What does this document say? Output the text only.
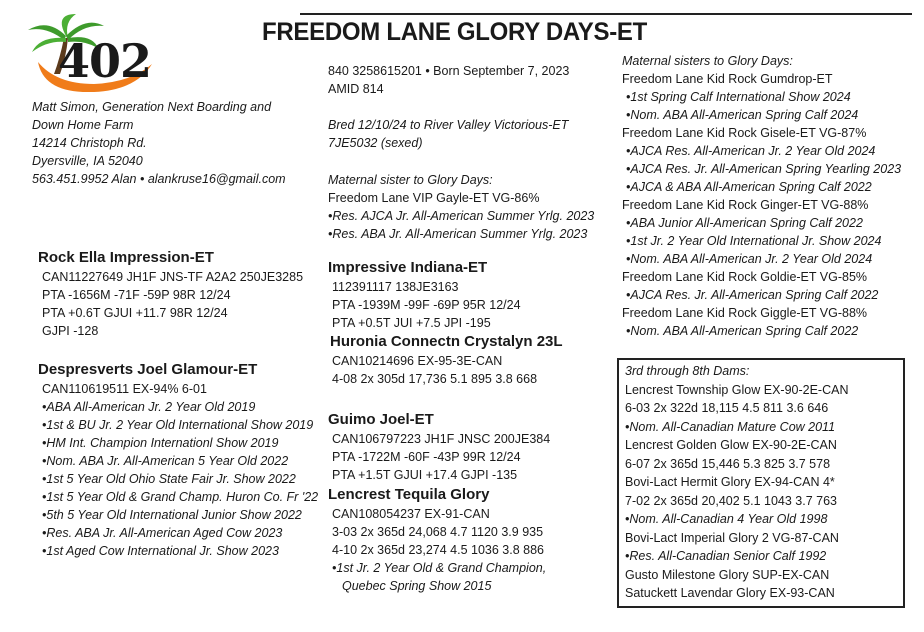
FREEDOM LANE GLORY DAYS-ET
402
Matt Simon, Generation Next Boarding and
Down Home Farm
14214 Christoph Rd.
Dyersville, IA 52040
563.451.9952 Alan • alankruse16@gmail.com
840 3258615201 • Born September 7, 2023
AMID 814
Bred 12/10/24 to River Valley Victorious-ET
7JE5032 (sexed)
Maternal sister to Glory Days:
Freedom Lane VIP Gayle-ET VG-86%
•Res. AJCA Jr. All-American Summer Yrlg. 2023
•Res. ABA Jr. All-American Summer Yrlg. 2023
Rock Ella Impression-ET
CAN11227649 JH1F JNS-TF A2A2 250JE3285
PTA -1656M -71F -59P 98R 12/24
PTA +0.6T GJUI +11.7 98R 12/24
GJPI -128
Despresverts Joel Glamour-ET
CAN110619511 EX-94% 6-01
•ABA All-American Jr. 2 Year Old 2019
•1st & BU Jr. 2 Year Old International Show 2019
•HM Int. Champion Internationl Show 2019
•Nom. ABA Jr. All-American 5 Year Old 2022
•1st 5 Year Old Ohio State Fair Jr. Show 2022
•1st 5 Year Old & Grand Champ. Huron Co. Fr '22
•5th 5 Year Old International Junior Show 2022
•Res. ABA Jr. All-American Aged Cow 2023
•1st Aged Cow International Jr. Show 2023
Impressive Indiana-ET
112391117 138JE3163
PTA -1939M -99F -69P 95R 12/24
PTA +0.5T JUI +7.5 JPI -195
Huronia Connectn Crystalyn 23L
CAN10214696 EX-95-3E-CAN
4-08 2x 305d 17,736 5.1 895 3.8 668
Guimo Joel-ET
CAN106797223 JH1F JNSC 200JE384
PTA -1722M -60F -43P 99R 12/24
PTA +1.5T GJUI +17.4 GJPI -135
Lencrest Tequila Glory
CAN108054237 EX-91-CAN
3-03 2x 365d 24,068 4.7 1120 3.9 935
4-10 2x 365d 23,274 4.5 1036 3.8 886
•1st Jr. 2 Year Old & Grand Champion,
Quebec Spring Show 2015
Maternal sisters to Glory Days:
Freedom Lane Kid Rock Gumdrop-ET
•1st Spring Calf International Show 2024
•Nom. ABA All-American Spring Calf 2024
Freedom Lane Kid Rock Gisele-ET VG-87%
•AJCA Res. All-American Jr. 2 Year Old 2024
•AJCA Res. Jr. All-American Spring Yearling 2023
•AJCA & ABA All-American Spring Calf 2022
Freedom Lane Kid Rock Ginger-ET VG-88%
•ABA Junior All-American Spring Calf 2022
•1st Jr. 2 Year Old International Jr. Show 2024
•Nom. ABA All-American Jr. 2 Year Old 2024
Freedom Lane Kid Rock Goldie-ET VG-85%
•AJCA Res. Jr. All-American Spring Calf 2022
Freedom Lane Kid Rock Giggle-ET VG-88%
•Nom. ABA All-American Spring Calf 2022
3rd through 8th Dams:
Lencrest Township Glow EX-90-2E-CAN
6-03 2x 322d 18,115 4.5 811 3.6 646
•Nom. All-Canadian Mature Cow 2011
Lencrest Golden Glow EX-90-2E-CAN
6-07 2x 365d 15,446 5.3 825 3.7 578
Bovi-Lact Hermit Glory EX-94-CAN 4*
7-02 2x 365d 20,402 5.1 1043 3.7 763
•Nom. All-Canadian 4 Year Old 1998
Bovi-Lact Imperial Glory 2 VG-87-CAN
•Res. All-Canadian Senior Calf 1992
Gusto Milestone Glory SUP-EX-CAN
Satuckett Lavendar Glory EX-93-CAN
